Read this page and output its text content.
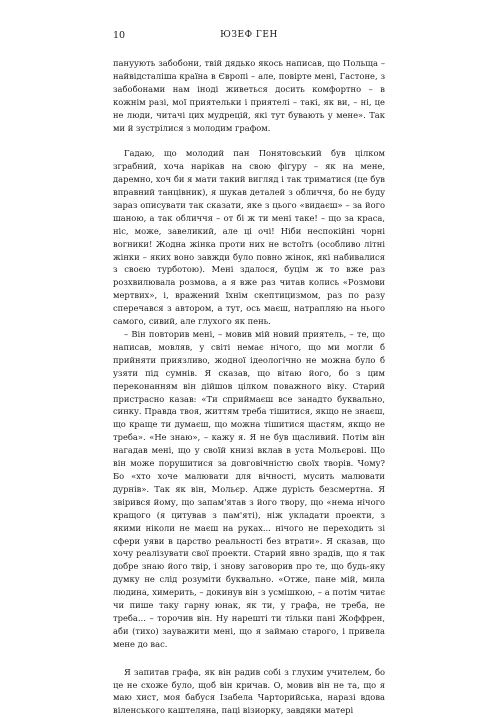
10	ЮЗЕФ ГЕН

пануують забобони, твій дядько якось написав, що Польща – найвідсталіша країна в Європі – але, повірте мені, Гастоне, з забобонами нам іноді живеться досить комфортно – в кожнім разі, мої приятельки і приятелі – такі, як ви, – ні, це не люди, читачі цих мудрецій, які тут бувають у мене». Так ми й зустрілися з молодим графом.

Гадаю, що молодий пан Понятовський був цілком зграбний, хоча нарікав на свою фігуру – як на мене, даремно, хоч би я мати такий вигляд і так триматися (це був вправний танцівник), я шукав деталей з обличчя, бо не буду зараз описувати так сказати, яке з цього «видаєш» – за його шаною, а так обличчя – от бі ж ти мені таке! – що за краса, ніс, може, завеликий, але ці очі! Ніби неспокійні чорні вогники! Жодна жінка проти них не встоїть (особливо літні жінки – яких воно завжди було повно жінок, які набивалися з своєю турботою). Мені здалося, буцім ж то вже раз розхвилювала розмова, а я вже раз читав колись «Розмови мертвих», і, вражений їхнім скептицизмом, раз по разу сперечався з автором, а тут, ось маєш, натрапляю на нього самого, сивий, але глухого як пень.

– Він повторив мені, – мовив мій новий приятель, – те, що написав, мовляв, у світі немає нічого, що ми могли б прийняти приязливо, жодної ідеологічно не можна було б узяти під сумнів. Я сказав, що вітаю його, бо з цим переконанням він дійшов цілком поважного віку. Старий пристрасно казав: «Ти сприймаєш все занадто буквально, синку. Правда твоя, життям треба тішитися, якщо не знаєш, що краще ти думаєш, що можна тішитися щастям, якщо не треба». «Не знаю», – кажу я. Я не був щасливий. Потім він нагадав мені, що у своїй книзі вклав в уста Мольєрові. Що він може порушитися за довговічністю своїх творів. Чому? Бо «хто хоче малювати для вічності, мусить малювати дурнів». Так як він, Мольєр. Адже дурість безсмертна. Я звірився йому, що запам'ятав з його твору, що «нема нічого кращого (я цитував з пам'яті), ніж укладати проекти, з якими ніколи не маєш на руках... нічого не переходить зі сфери уяви в царство реальності без втрати». Я сказав, що хочу реалізувати свої проекти. Старий явно зрадів, що я так добре знаю його твір, і знову заговорив про те, що будь-яку думку не слід розуміти буквально. «Отже, пане мій, мила людина, химерить, – докинув він з усмішкою, – а потім читає чи пише таку гарну юнак, як ти, у графа, не треба, не треба... – торочив він. Ну нарешті ти тільки пані Жоффрен, аби (тихо) зауважити мені, що я займаю старого, і привела мене до вас.

Я запитав графа, як він радив собі з глухим учителем, бо це не схоже було, щоб він кричав. О, мовив він не та, що я маю хист, моя бабуся Ізабела Чарторийська, наразі вдова віленського каштеляна, паці візиорку, завдяки матері
